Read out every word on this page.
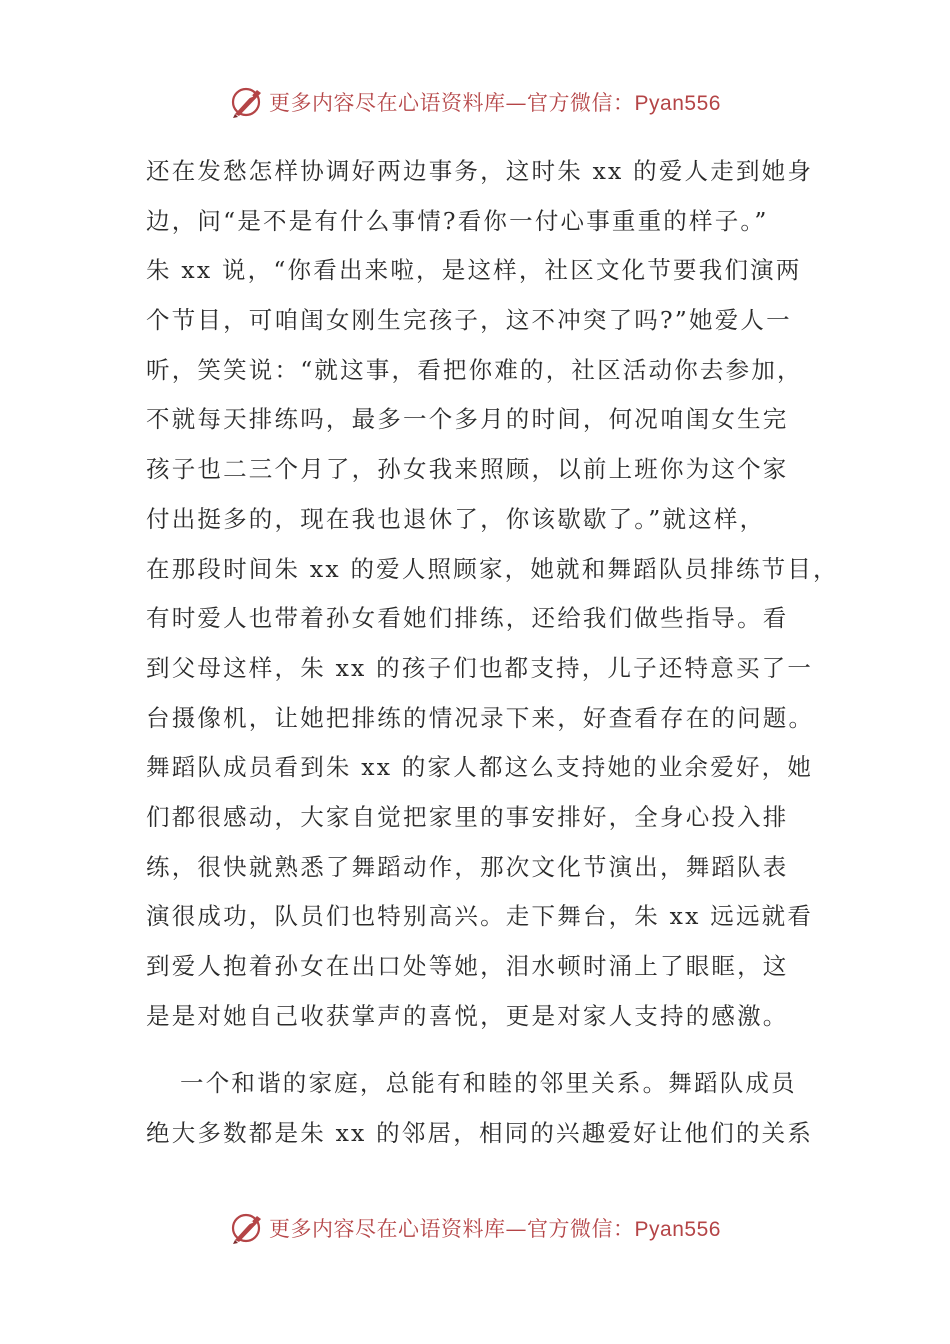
更多内容尽在心语资料库—官方微信：Pyan556
还在发愁怎样协调好两边事务，这时朱 xx 的爱人走到她身
边，问“是不是有什么事情?看你一付心事重重的样子。”
朱 xx 说，“你看出来啦，是这样，社区文化节要我们演两
个节目，可咱闺女刚生完孩子，这不冲突了吗?”她爱人一
听，笑笑说：“就这事，看把你难的，社区活动你去参加，
不就每天排练吗，最多一个多月的时间，何况咱闺女生完
孩子也二三个月了，孙女我来照顾，以前上班你为这个家
付出挺多的，现在我也退休了，你该歇歇了。”就这样，
在那段时间朱 xx 的爱人照顾家，她就和舞蹈队员排练节目，
有时爱人也带着孙女看她们排练，还给我们做些指导。看
到父母这样，朱 xx 的孩子们也都支持，儿子还特意买了一
台摄像机，让她把排练的情况录下来，好查看存在的问题。
舞蹈队成员看到朱 xx 的家人都这么支持她的业余爱好，她
们都很感动，大家自觉把家里的事安排好，全身心投入排
练，很快就熟悉了舞蹈动作，那次文化节演出，舞蹈队表
演很成功，队员们也特别高兴。走下舞台，朱 xx 远远就看
到爱人抱着孙女在出口处等她，泪水顿时涌上了眼眶，这
是是对她自己收获掌声的喜悦，更是对家人支持的感激。
一个和谐的家庭，总能有和睦的邻里关系。舞蹈队成员
绝大多数都是朱 xx 的邻居，相同的兴趣爱好让他们的关系
更多内容尽在心语资料库—官方微信：Pyan556
